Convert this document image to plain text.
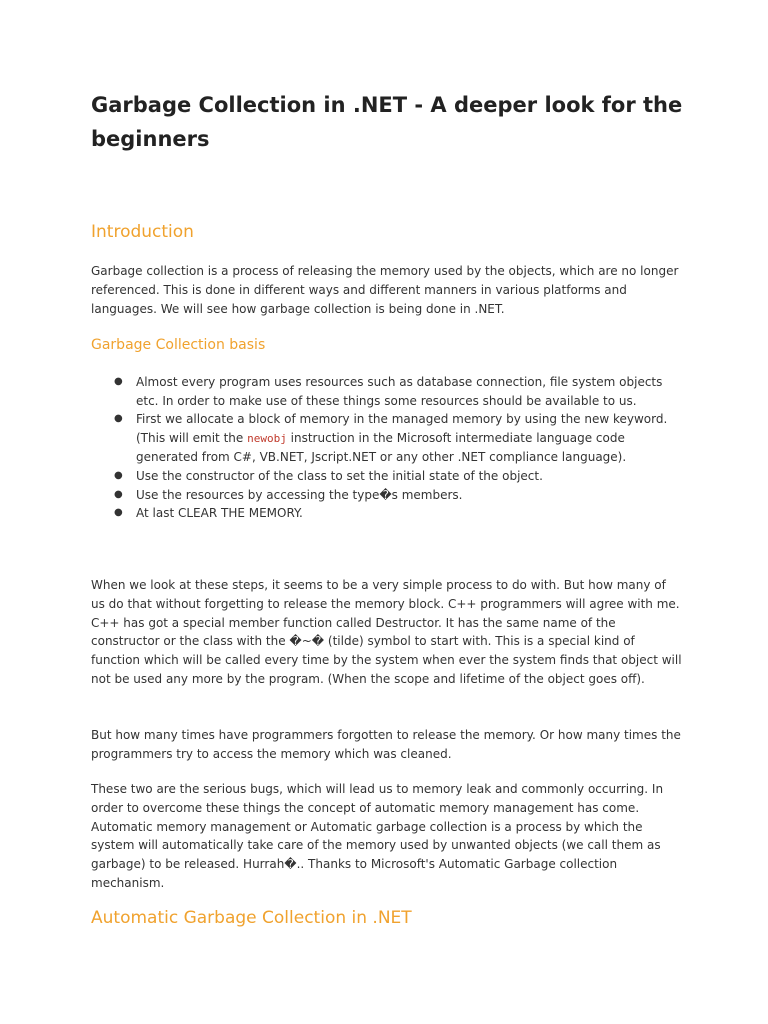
Garbage Collection in .NET - A deeper look for the beginners
Introduction

Garbage collection is a process of releasing the memory used by the objects, which are no longer referenced. This is done in different ways and different manners in various platforms and languages. We will see how garbage collection is being done in .NET.

Garbage Collection basis
● Almost every program uses resources such as database connection, file system objects etc. In order to make use of these things some resources should be available to us.
● First we allocate a block of memory in the managed memory by using the new keyword. (This will emit the newobj instruction in the Microsoft intermediate language code generated from C#, VB.NET, Jscript.NET or any other .NET compliance language).
● Use the constructor of the class to set the initial state of the object.
● Use the resources by accessing the type�s members.
● At last CLEAR THE MEMORY.

When we look at these steps, it seems to be a very simple process to do with. But how many of us do that without forgetting to release the memory block. C++ programmers will agree with me. C++ has got a special member function called Destructor. It has the same name of the constructor or the class with the �~� (tilde) symbol to start with. This is a special kind of function which will be called every time by the system when ever the system finds that object will not be used any more by the program. (When the scope and lifetime of the object goes off).

But how many times have programmers forgotten to release the memory. Or how many times the programmers try to access the memory which was cleaned.

These two are the serious bugs, which will lead us to memory leak and commonly occurring. In order to overcome these things the concept of automatic memory management has come. Automatic memory management or Automatic garbage collection is a process by which the system will automatically take care of the memory used by unwanted objects (we call them as garbage) to be released. Hurrah�.. Thanks to Microsoft's Automatic Garbage collection mechanism.

Automatic Garbage Collection in .NET
